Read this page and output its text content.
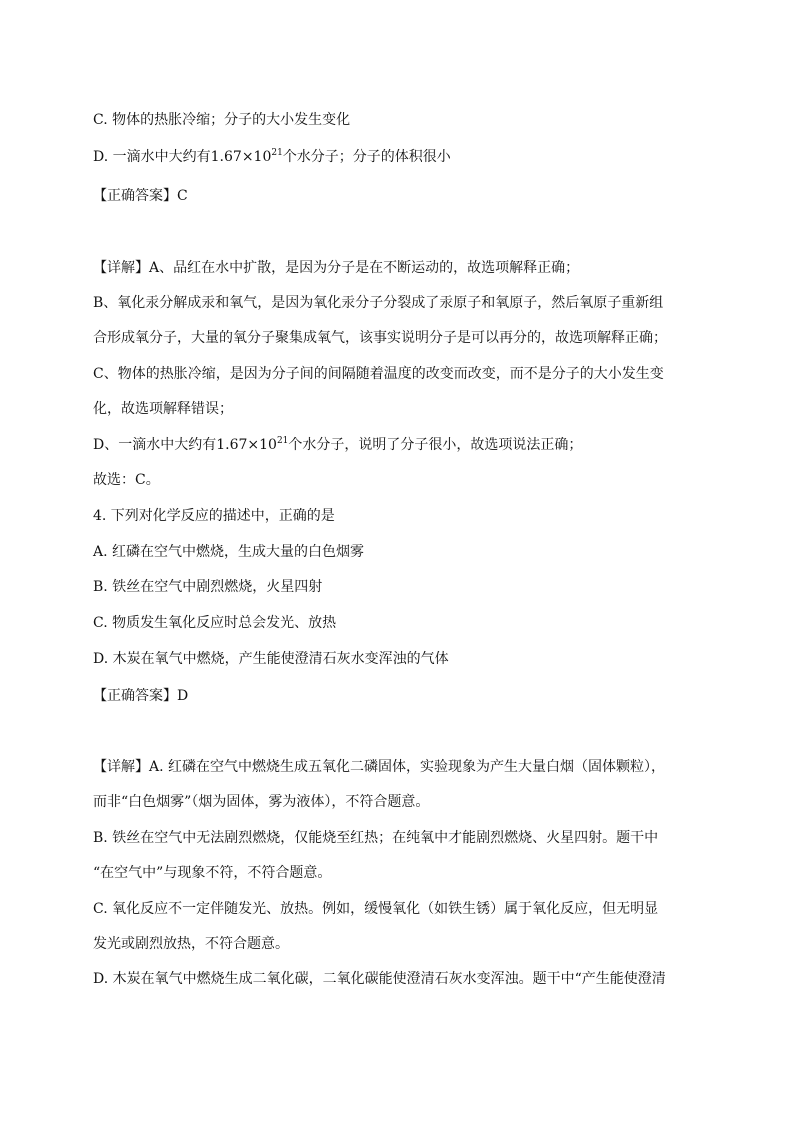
C. 物体的热胀冷缩；分子的大小发生变化
D. 一滴水中大约有$1.67\times 10^{21}$个水分子；分子的体积很小
【正确答案】C
【详解】A、品红在水中扩散，是因为分子是在不断运动的，故选项解释正确；
B、氧化汞分解成汞和氧气，是因为氧化汞分子分裂成了汞原子和氧原子，然后氧原子重新组
合形成氧分子，大量的氧分子聚集成氧气，该事实说明分子是可以再分的，故选项解释正确；
C、物体的热胀冷缩，是因为分子间的间隔随着温度的改变而改变，而不是分子的大小发生变
化，故选项解释错误；
D、一滴水中大约有$1.67\times 10^{21}$个水分子，说明了分子很小，故选项说法正确；
故选：C。
4. 下列对化学反应的描述中，正确的是
A. 红磷在空气中燃烧，生成大量的白色烟雾
B. 铁丝在空气中剧烈燃烧，火星四射
C. 物质发生氧化反应时总会发光、放热
D. 木炭在氧气中燃烧，产生能使澄清石灰水变浑浊的气体
【正确答案】D
【详解】A. 红磷在空气中燃烧生成五氧化二磷固体，实验现象为产生大量白烟（固体颗粒），
而非“白色烟雾”（烟为固体，雾为液体），不符合题意。
B. 铁丝在空气中无法剧烈燃烧，仅能烧至红热；在纯氧中才能剧烈燃烧、火星四射。题干中
“在空气中”与现象不符，不符合题意。
C. 氧化反应不一定伴随发光、放热。例如，缓慢氧化（如铁生锈）属于氧化反应，但无明显
发光或剧烈放热，不符合题意。
D. 木炭在氧气中燃烧生成二氧化碳，二氧化碳能使澄清石灰水变浑浊。题干中“产生能使澄清
